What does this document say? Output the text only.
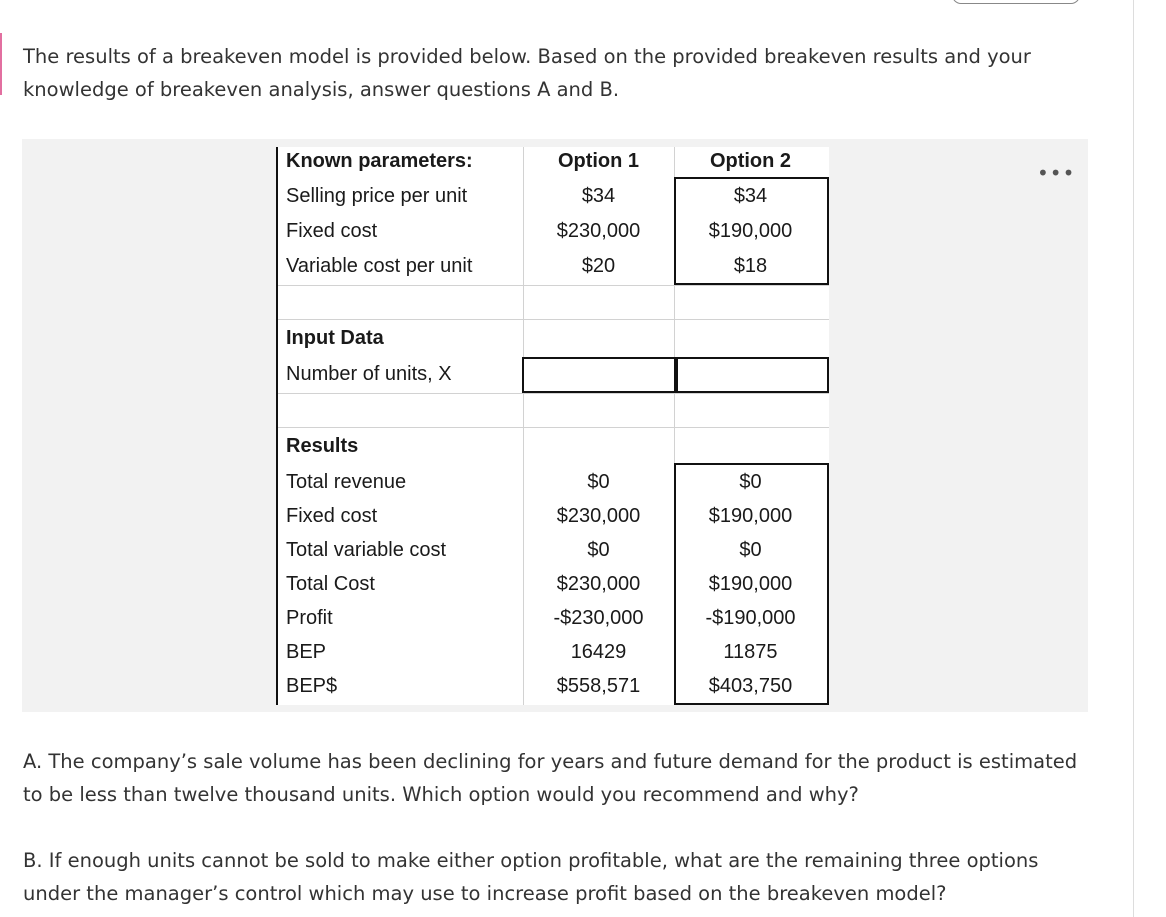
The results of a breakeven model is provided below. Based on the provided breakeven results and your knowledge of breakeven analysis, answer questions A and B.

Known parameters:	Option 1	Option 2
Selling price per unit	$34	$34
Fixed cost	$230,000	$190,000
Variable cost per unit	$20	$18
Input Data
Number of units, X
Results
Total revenue	$0	$0
Fixed cost	$230,000	$190,000
Total variable cost	$0	$0
Total Cost	$230,000	$190,000
Profit	-$230,000	-$190,000
BEP	16429	11875
BEP$	$558,571	$403,750
•••

A. The company’s sale volume has been declining for years and future demand for the product is estimated to be less than twelve thousand units. Which option would you recommend and why?

B. If enough units cannot be sold to make either option profitable, what are the remaining three options under the manager’s control which may use to increase profit based on the breakeven model?
